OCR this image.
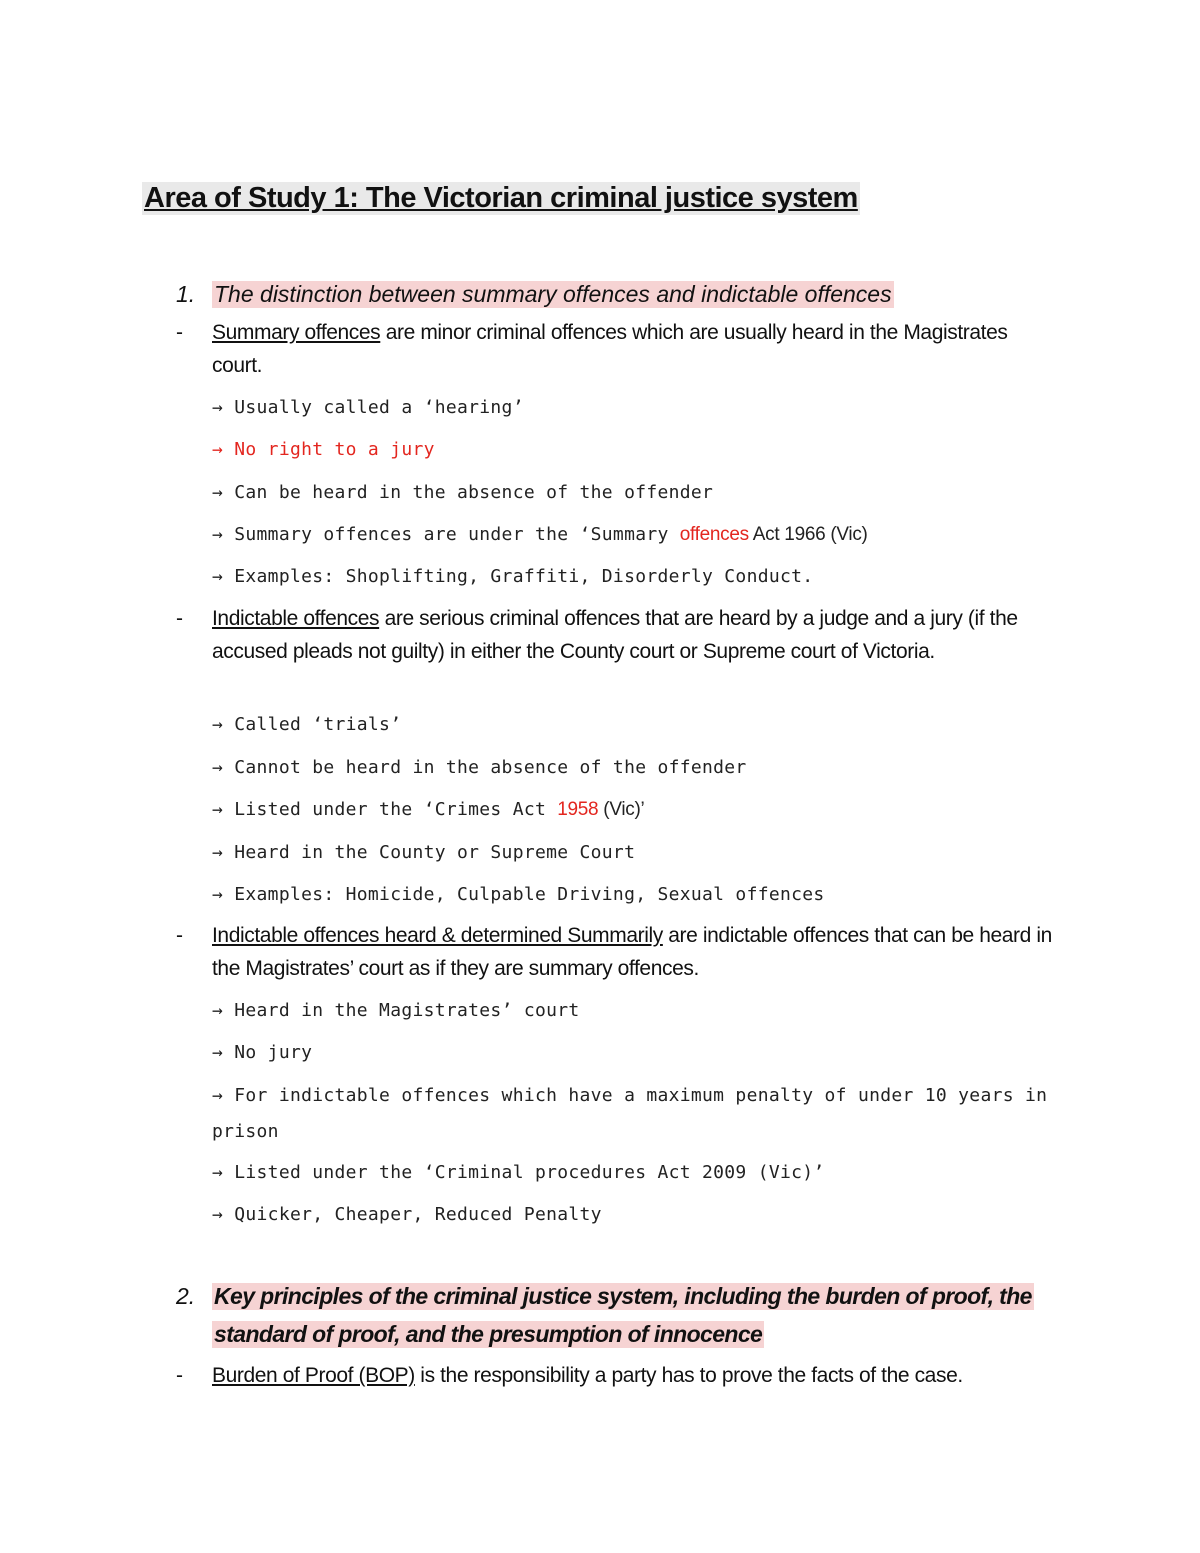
Area of Study 1: The Victorian criminal justice system
1. The distinction between summary offences and indictable offences
- Summary offences are minor criminal offences which are usually heard in the Magistrates court.
→ Usually called a ‘hearing’
→ No right to a jury
→ Can be heard in the absence of the offender
→ Summary offences are under the ‘Summary offences Act 1966 (Vic)
→ Examples: Shoplifting, Graffiti, Disorderly Conduct.
- Indictable offences are serious criminal offences that are heard by a judge and a jury (if the accused pleads not guilty) in either the County court or Supreme court of Victoria.
→ Called ‘trials’
→ Cannot be heard in the absence of the offender
→ Listed under the ‘Crimes Act 1958 (Vic)’
→ Heard in the County or Supreme Court
→ Examples: Homicide, Culpable Driving, Sexual offences
- Indictable offences heard & determined Summarily are indictable offences that can be heard in the Magistrates’ court as if they are summary offences.
→ Heard in the Magistrates’ court
→ No jury
→ For indictable offences which have a maximum penalty of under 10 years in prison
→ Listed under the ‘Criminal procedures Act 2009 (Vic)’
→ Quicker, Cheaper, Reduced Penalty
2. Key principles of the criminal justice system, including the burden of proof, the
standard of proof, and the presumption of innocence
- Burden of Proof (BOP) is the responsibility a party has to prove the facts of the case.
